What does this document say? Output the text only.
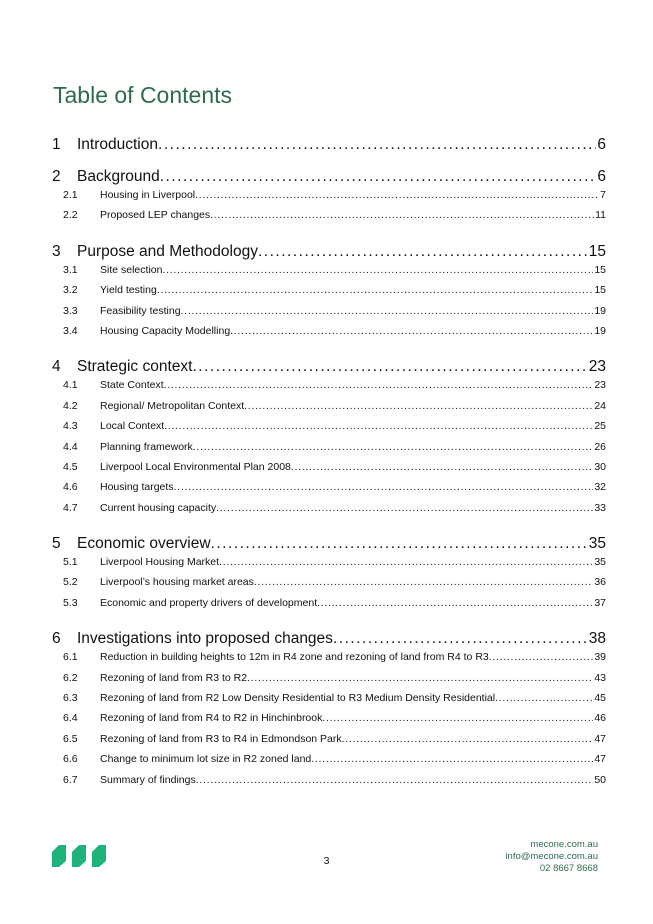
Table of Contents
1	Introduction . . .	6
2	Background . . .	6
2.1	Housing in Liverpool . . .	7
2.2	Proposed LEP changes . . .	11
3	Purpose and Methodology . . .	15
3.1	Site selection . . .	15
3.2	Yield testing . . .	15
3.3	Feasibility testing . . .	19
3.4	Housing Capacity Modelling . . .	19
4	Strategic context . . .	23
4.1	State Context . . .	23
4.2	Regional/ Metropolitan Context . . .	24
4.3	Local Context . . .	25
4.4	Planning framework . . .	26
4.5	Liverpool Local Environmental Plan 2008 . . .	30
4.6	Housing targets . . .	32
4.7	Current housing capacity . . .	33
5	Economic overview . . .	35
5.1	Liverpool Housing Market . . .	35
5.2	Liverpool’s housing market areas . . .	36
5.3	Economic and property drivers of development . . .	37
6	Investigations into proposed changes . . .	38
6.1	Reduction in building heights to 12m in R4 zone and rezoning of land from R4 to R3 . . .	39
6.2	Rezoning of land from R3 to R2 . . .	43
6.3	Rezoning of land from R2 Low Density Residential to R3 Medium Density Residential . . .	45
6.4	Rezoning of land from R4 to R2 in Hinchinbrook . . .	46
6.5	Rezoning of land from R3 to R4 in Edmondson Park . . .	47
6.6	Change to minimum lot size in R2 zoned land . . .	47
6.7	Summary of findings . . .	50
3
mecone.com.au
info@mecone.com.au
02 8667 8668
